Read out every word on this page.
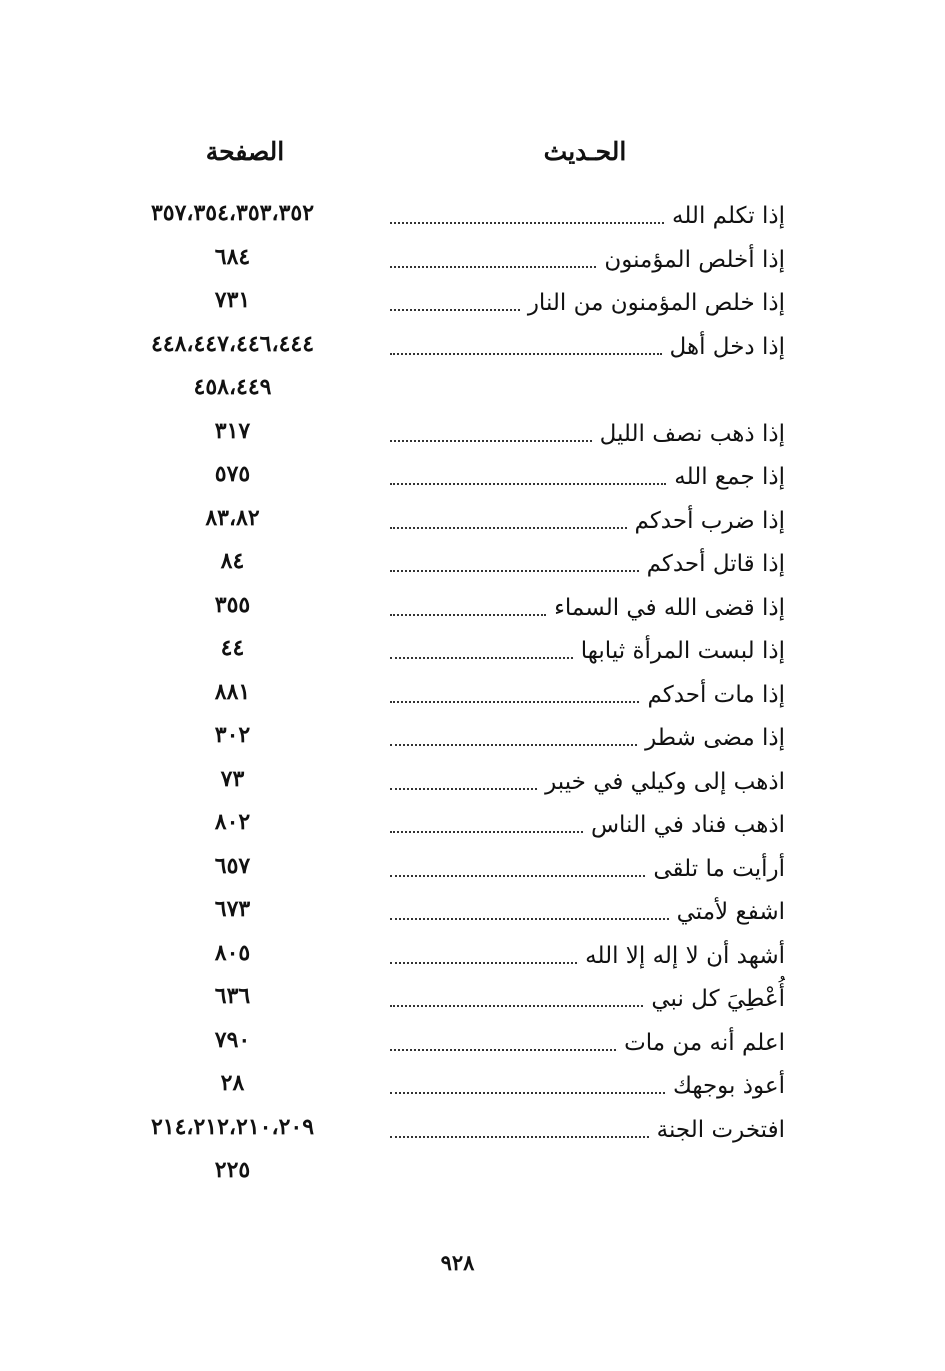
الحـديث
الصفحة
إذا تكلم الله
٣٥٧،٣٥٤،٣٥٣،٣٥٢
إذا أخلص المؤمنون
٦٨٤
إذا خلص المؤمنون من النار
٧٣١
إذا دخل أهل
٤٤٨،٤٤٧،٤٤٦،٤٤٤
٤٥٨،٤٤٩
إذا ذهب نصف الليل
٣١٧
إذا جمع الله
٥٧٥
إذا ضرب أحدكم
٨٣،٨٢
إذا قاتل أحدكم
٨٤
إذا قضى الله في السماء
٣٥٥
إذا لبست المرأة ثيابها
٤٤
إذا مات أحدكم
٨٨١
إذا مضى شطر
٣٠٢
اذهب إلى وكيلي في خيبر
٧٣
اذهب فناد في الناس
٨٠٢
أرأيت ما تلقى
٦٥٧
اشفع لأمتي
٦٧٣
أشهد أن لا إله إلا الله
٨٠٥
أُعْطِيَ كل نبي
٦٣٦
اعلم أنه من مات
٧٩٠
أعوذ بوجهك
٢٨
افتخرت الجنة
٢١٤،٢١٢،٢١٠،٢٠٩
٢٢٥
٩٢٨
